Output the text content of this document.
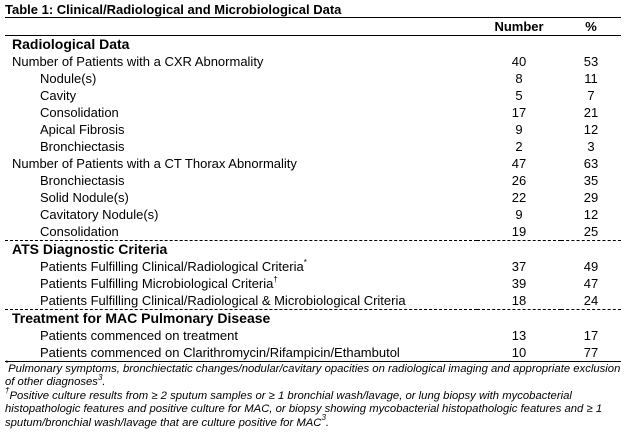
Table 1: Clinical/Radiological and Microbiological Data
	Number	%

Radiological Data		
Number of Patients with a CXR Abnormality	40	53
Nodule(s)	8	11
Cavity	5	7
Consolidation	17	21
Apical Fibrosis	9	12
Bronchiectasis	2	3
Number of Patients with a CT Thorax Abnormality	47	63
Bronchiectasis	26	35
Solid Nodule(s)	22	29
Cavitatory Nodule(s)	9	12
Consolidation	19	25

ATS Diagnostic Criteria		
Patients Fulfilling Clinical/Radiological Criteria*	37	49
Patients Fulfilling Microbiological Criteria†	39	47
Patients Fulfilling Clinical/Radiological & Microbiological Criteria	18	24

Treatment for MAC Pulmonary Disease		
Patients commenced on treatment	13	17
Patients commenced on Clarithromycin/Rifampicin/Ethambutol	10	77

*Pulmonary symptoms, bronchiectatic changes/nodular/cavitary opacities on radiological imaging and appropriate exclusion of other diagnoses$^3$.

†Positive culture results from ≥ 2 sputum samples or ≥ 1 bronchial wash/lavage, or lung biopsy with mycobacterial histopathologic features and positive culture for MAC, or biopsy showing mycobacterial histopathologic features and ≥ 1 sputum/bronchial wash/lavage that are culture positive for MAC$^3$.
